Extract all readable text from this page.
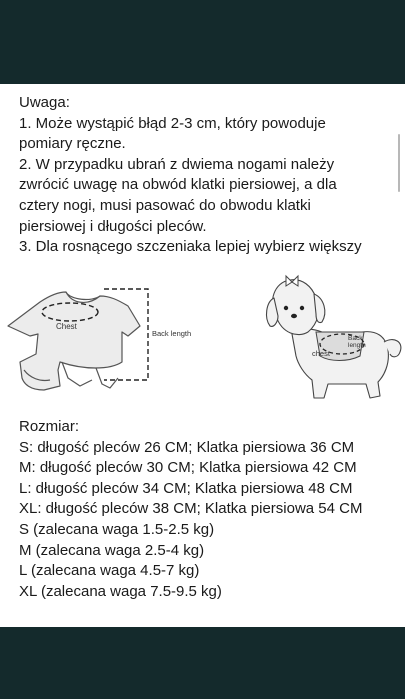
Uwaga:
1. Może wystąpić błąd 2-3 cm, który powoduje
pomiary ręczne.
2. W przypadku ubrań z dwiema nogami należy
zwrócić uwagę na obwód klatki piersiowej, a dla
cztery nogi, musi pasować do obwodu klatki
piersiowej i długości pleców.
3. Dla rosnącego szczeniaka lepiej wybierz większy
Chest
Back length
chest
Back
length
Rozmiar:
S: długość pleców 26 CM; Klatka piersiowa 36 CM
M: długość pleców 30 CM; Klatka piersiowa 42 CM
L: długość pleców 34 CM; Klatka piersiowa 48 CM
XL: długość pleców 38 CM; Klatka piersiowa 54 CM
S (zalecana waga 1.5-2.5 kg)
M (zalecana waga 2.5-4 kg)
L (zalecana waga 4.5-7 kg)
XL (zalecana waga 7.5-9.5 kg)
